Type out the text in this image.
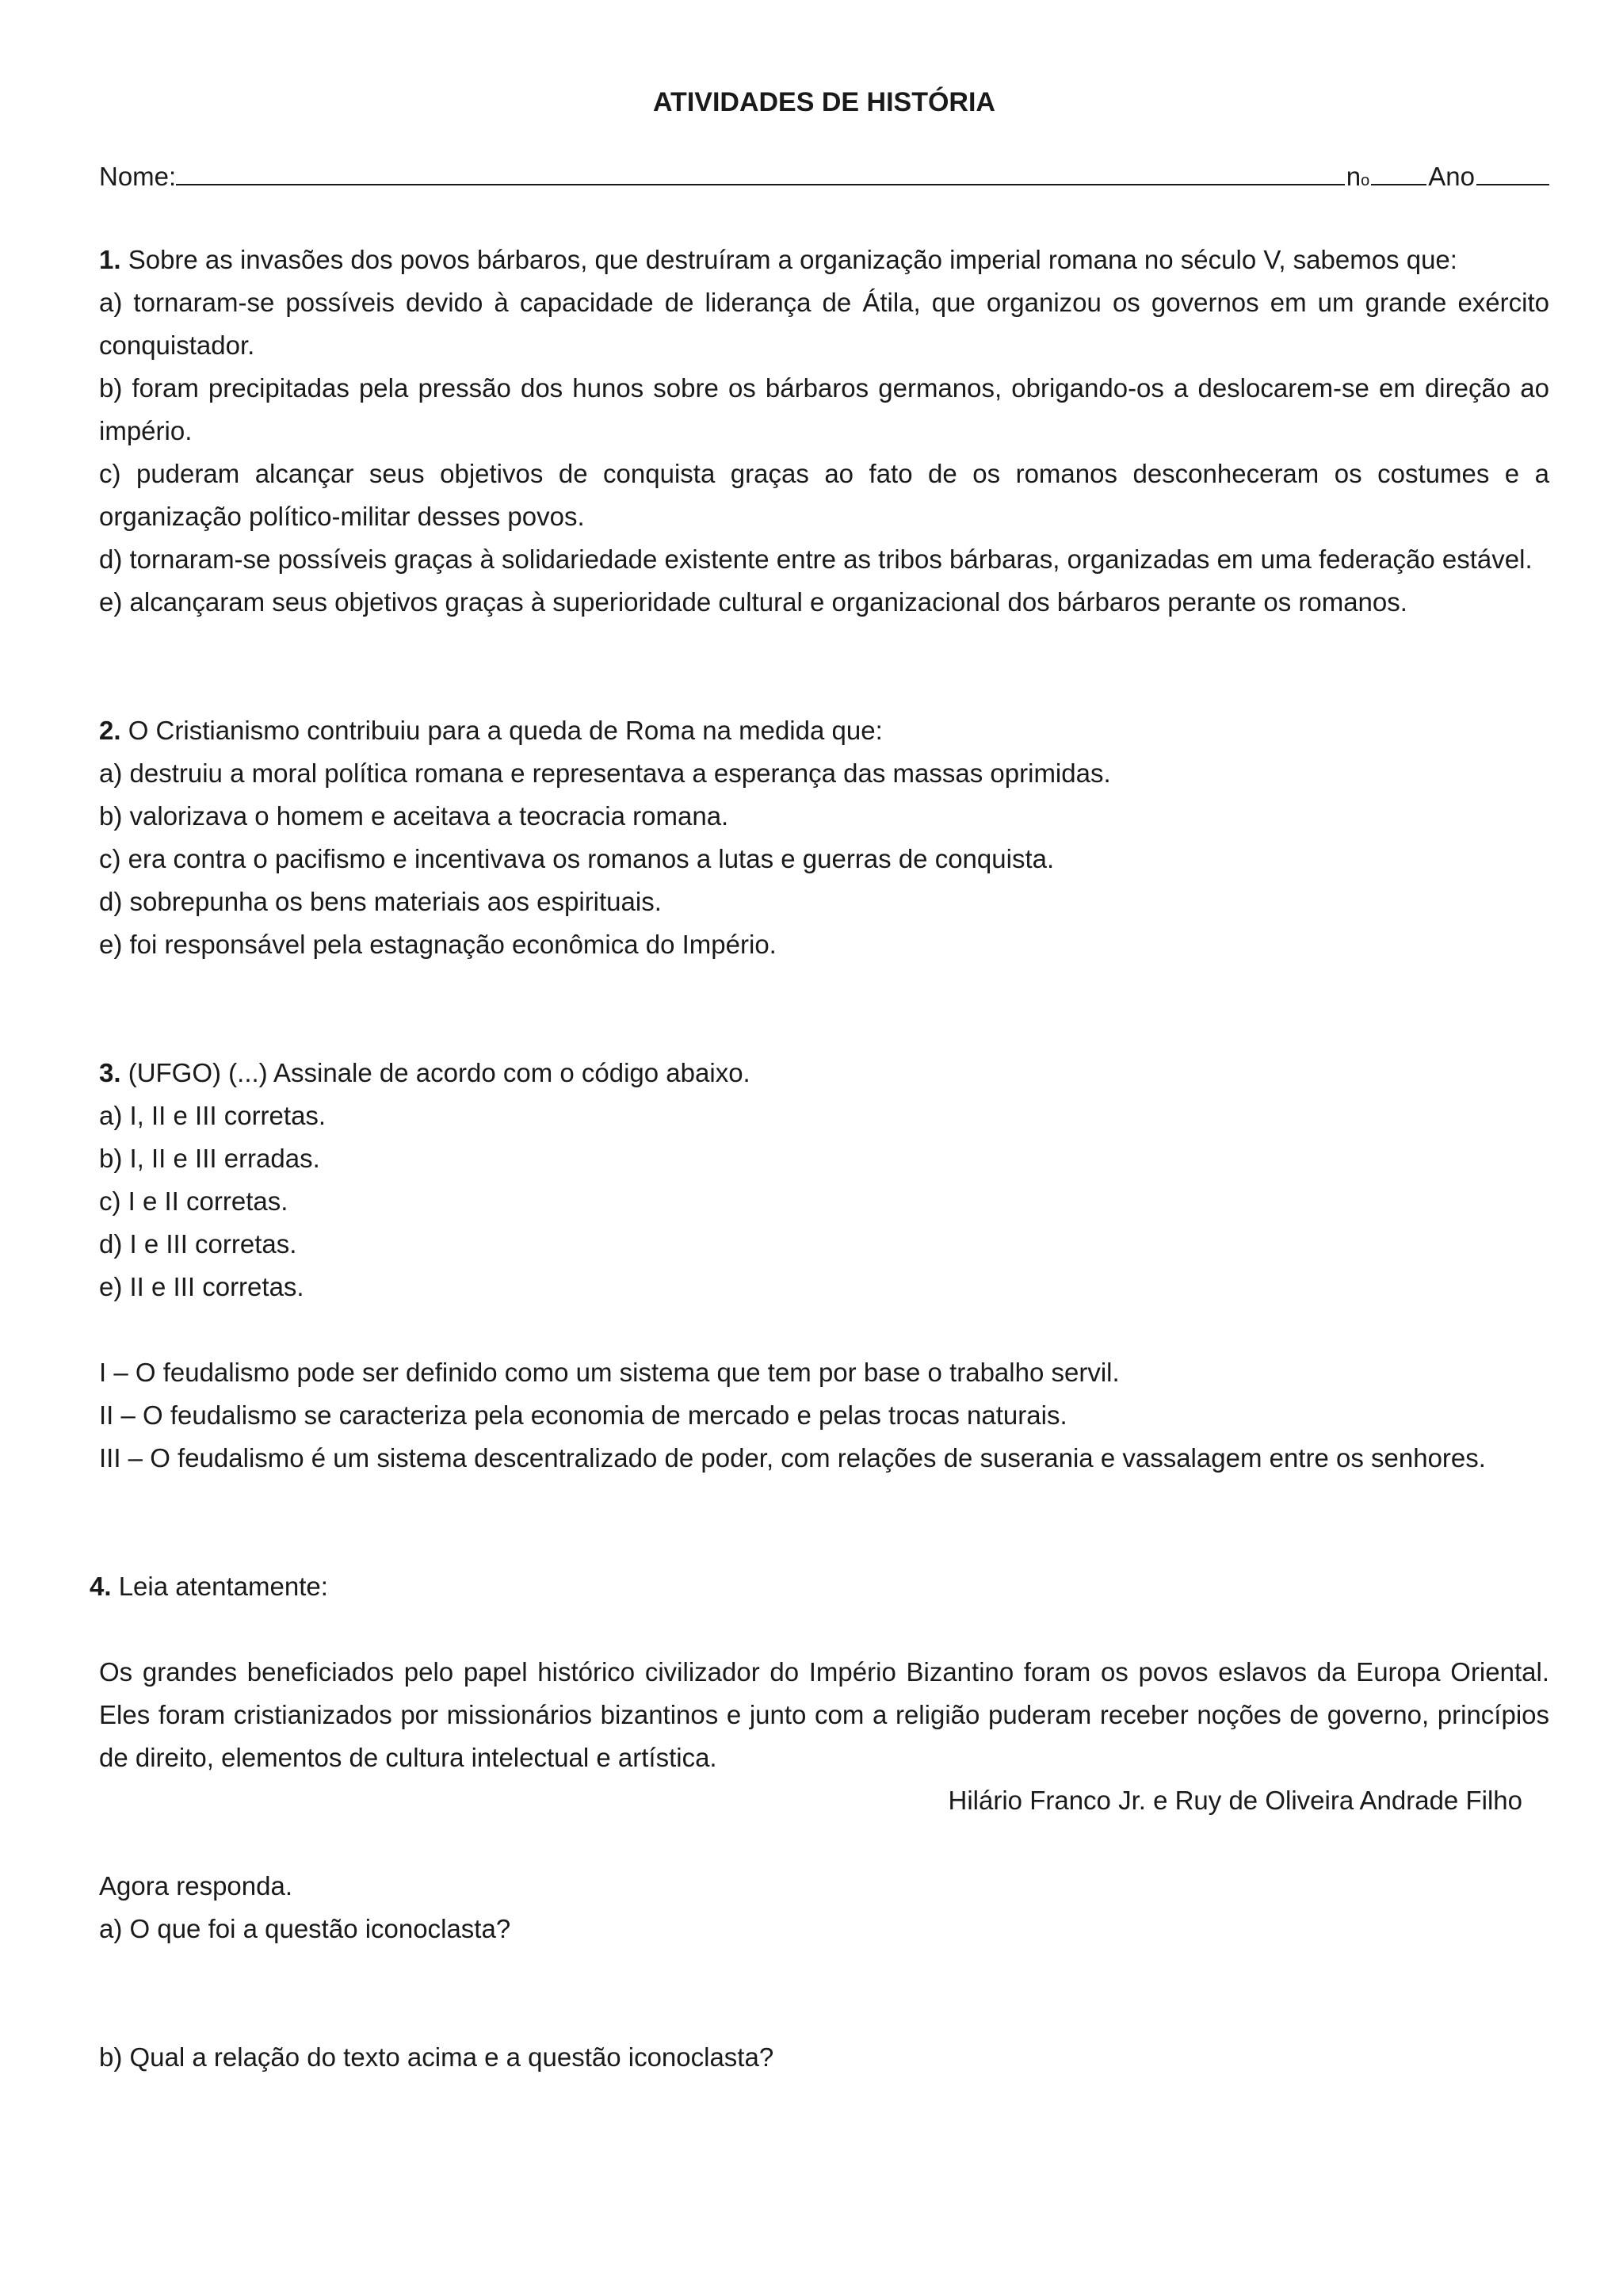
ATIVIDADES DE HISTÓRIA
Nome:	n o Ano

1. Sobre as invasões dos povos bárbaros, que destruíram a organização imperial romana no século V, sabemos que:

a) tornaram-se possíveis devido à capacidade de liderança de Átila, que organizou os governos em um grande exército conquistador.

b) foram precipitadas pela pressão dos hunos sobre os bárbaros germanos, obrigando-os a deslocarem-se em direção ao império.

c) puderam alcançar seus objetivos de conquista graças ao fato de os romanos desconheceram os costumes e a organização político-militar desses povos.

d) tornaram-se possíveis graças à solidariedade existente entre as tribos bárbaras, organizadas em uma federação estável.

e) alcançaram seus objetivos graças à superioridade cultural e organizacional dos bárbaros perante os romanos.

2. O Cristianismo contribuiu para a queda de Roma na medida que:

a) destruiu a moral política romana e representava a esperança das massas oprimidas.

b) valorizava o homem e aceitava a teocracia romana.

c) era contra o pacifismo e incentivava os romanos a lutas e guerras de conquista.

d) sobrepunha os bens materiais aos espirituais.

e) foi responsável pela estagnação econômica do Império.

3. (UFGO) (...) Assinale de acordo com o código abaixo.

a) I, II e III corretas.

b) I, II e III erradas.

c) I e II corretas.

d) I e III corretas.

e) II e III corretas.

I – O feudalismo pode ser definido como um sistema que tem por base o trabalho servil.

II – O feudalismo se caracteriza pela economia de mercado e pelas trocas naturais.

III – O feudalismo é um sistema descentralizado de poder, com relações de suserania e vassalagem entre os senhores.

4. Leia atentamente:

Os grandes beneficiados pelo papel histórico civilizador do Império Bizantino foram os povos eslavos da Europa Oriental. Eles foram cristianizados por missionários bizantinos e junto com a religião puderam receber noções de governo, princípios de direito, elementos de cultura intelectual e artística.

Hilário Franco Jr. e Ruy de Oliveira Andrade Filho

Agora responda.

a) O que foi a questão iconoclasta?

b) Qual a relação do texto acima e a questão iconoclasta?
